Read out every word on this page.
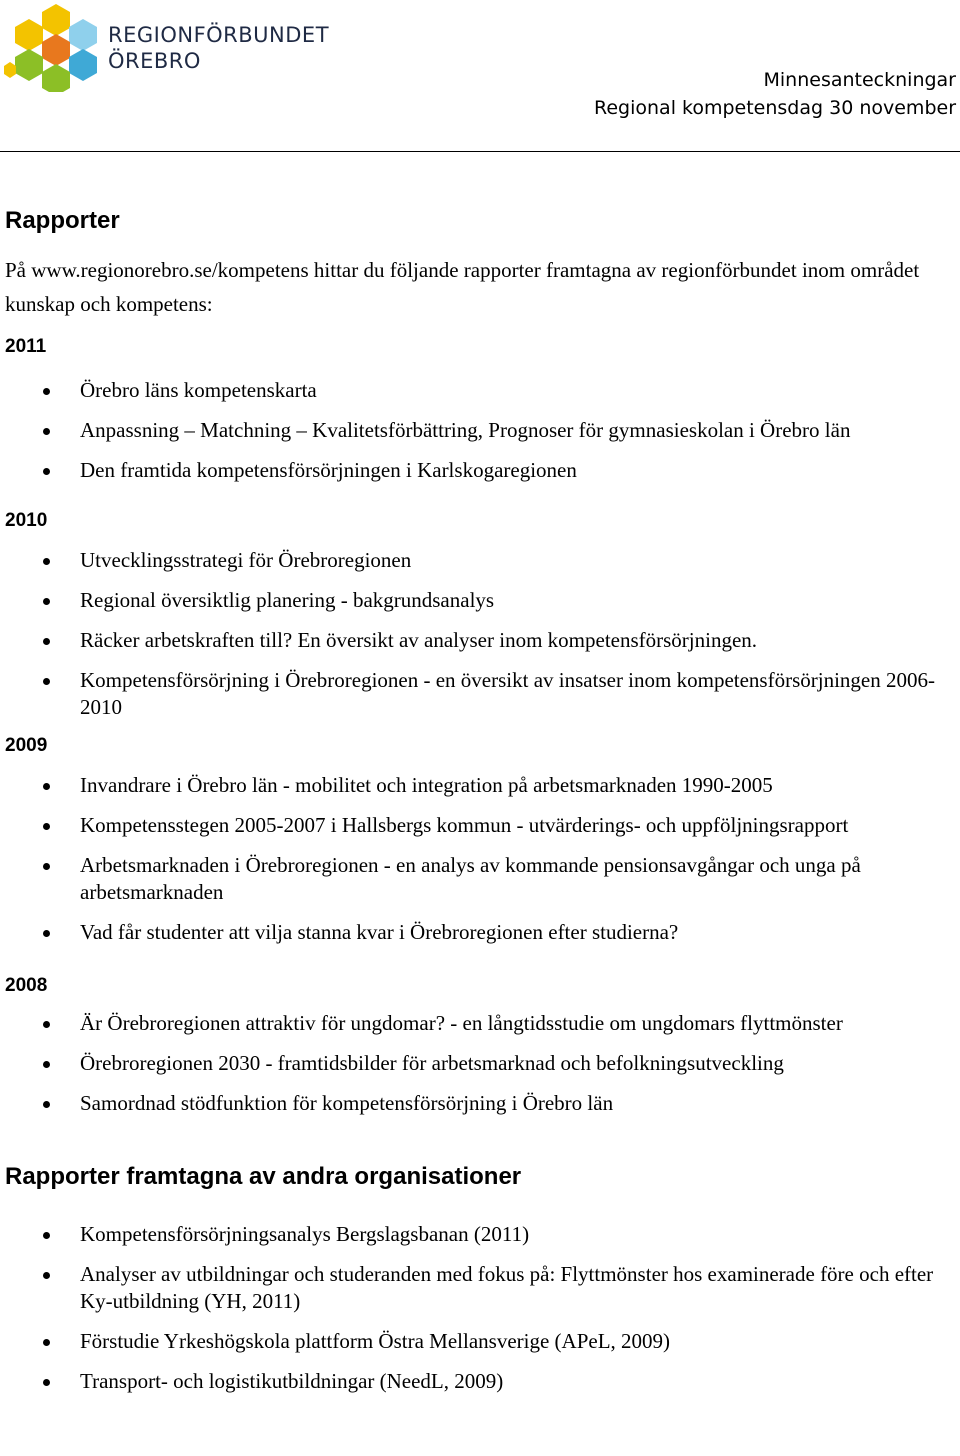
REGIONFÖRBUNDET
ÖREBRO
Minnesanteckningar
Regional kompetensdag 30 november
Rapporter

På www.regionorebro.se/kompetens hittar du följande rapporter framtagna av regionförbundet inom området kunskap och kompetens:

2011

Örebro läns kompetenskarta
Anpassning – Matchning – Kvalitetsförbättring, Prognoser för gymnasieskolan i Örebro län
Den framtida kompetensförsörjningen i Karlskogaregionen

2010

Utvecklingsstrategi för Örebroregionen
Regional översiktlig planering - bakgrundsanalys
Räcker arbetskraften till? En översikt av analyser inom kompetensförsörjningen.
Kompetensförsörjning i Örebroregionen - en översikt av insatser inom kompetensförsörjningen 2006-2010

2009

Invandrare i Örebro län - mobilitet och integration på arbetsmarknaden 1990-2005
Kompetensstegen 2005-2007 i Hallsbergs kommun - utvärderings- och uppföljningsrapport
Arbetsmarknaden i Örebroregionen - en analys av kommande pensionsavgångar och unga på arbetsmarknaden
Vad får studenter att vilja stanna kvar i Örebroregionen efter studierna?

2008

Är Örebroregionen attraktiv för ungdomar? - en långtidsstudie om ungdomars flyttmönster
Örebroregionen 2030 - framtidsbilder för arbetsmarknad och befolkningsutveckling
Samordnad stödfunktion för kompetensförsörjning i Örebro län
Rapporter framtagna av andra organisationer
Kompetensförsörjningsanalys Bergslagsbanan (2011)
Analyser av utbildningar och studeranden med fokus på: Flyttmönster hos examinerade före och efter Ky-utbildning (YH, 2011)
Förstudie Yrkeshögskola plattform Östra Mellansverige (APeL, 2009)
Transport- och logistikutbildningar (NeedL, 2009)
